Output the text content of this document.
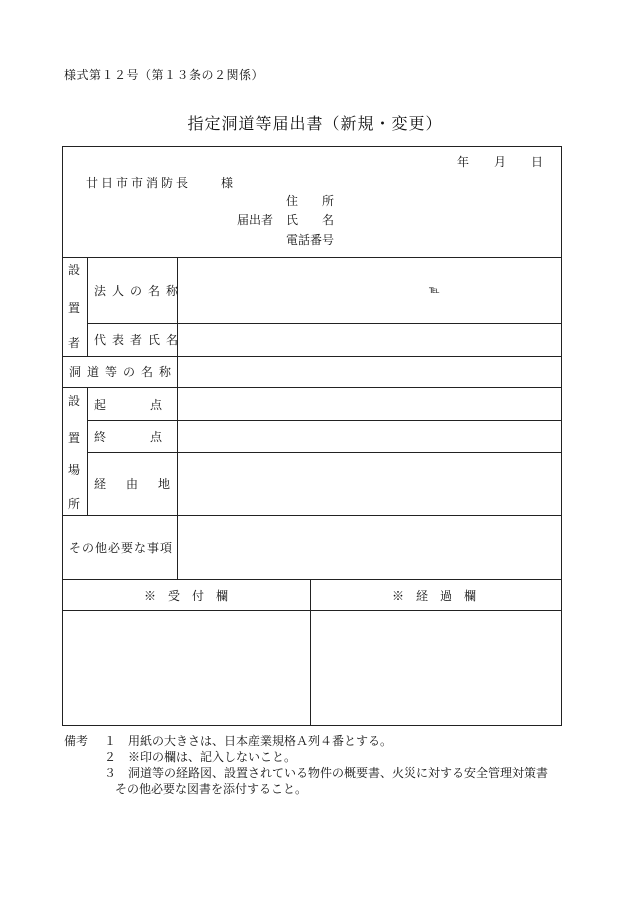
様式第１２号（第１３条の２関係）
指定洞道等届出書（新規・変更）
年 月 日
廿日市市消防長　　様
住　　所
届出者 氏　　名
電話番号
設
置
者
法人の名称	℡
代表者氏名
洞道等の名称
設
置
場
所
起　　　点
終　　　点
経　由　地
その他必要な事項
※　受　付　欄	※　経　過　欄
備考 １ 用紙の大きさは、日本産業規格Ａ列４番とする。
２ ※印の欄は、記入しないこと。
３ 洞道等の経路図、設置されている物件の概要書、火災に対する安全管理対策書
その他必要な図書を添付すること。
